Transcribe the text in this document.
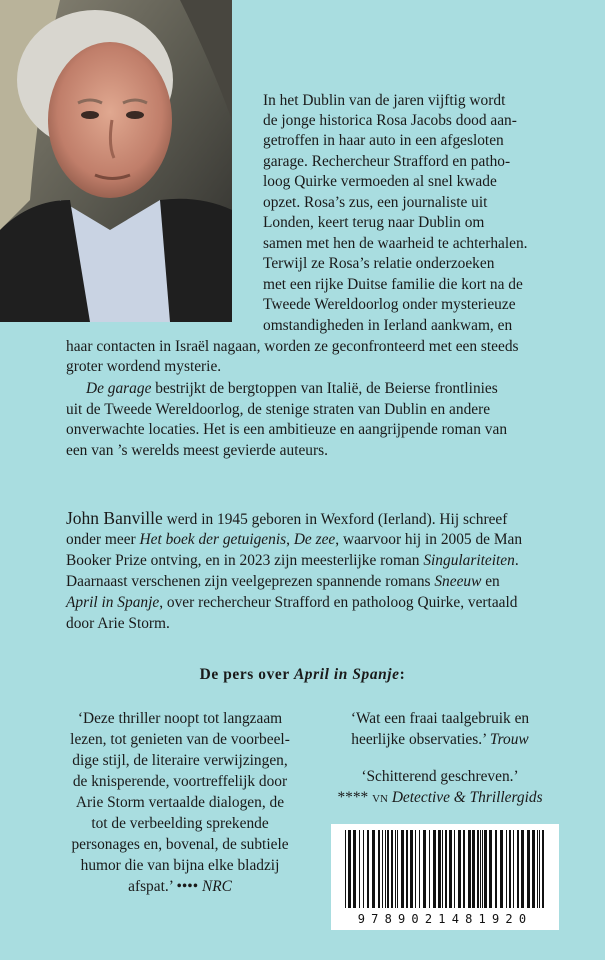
In het Dublin van de jaren vijftig wordt
de jonge historica Rosa Jacobs dood aan-
getroffen in haar auto in een afgesloten
garage. Rechercheur Strafford en patho-
loog Quirke vermoeden al snel kwade
opzet. Rosa’s zus, een journaliste uit
Londen, keert terug naar Dublin om
samen met hen de waarheid te achterhalen.
Terwijl ze Rosa’s relatie onderzoeken
met een rijke Duitse familie die kort na de
Tweede Wereldoorlog onder mysterieuze
omstandigheden in Ierland aankwam, en
haar contacten in Israël nagaan, worden ze geconfronteerd met een steeds
groter wordend mysterie.
De garage bestrijkt de bergtoppen van Italië, de Beierse frontlinies
uit de Tweede Wereldoorlog, de stenige straten van Dublin en andere
onverwachte locaties. Het is een ambitieuze en aangrijpende roman van
een van ’s werelds meest gevierde auteurs.
John Banville werd in 1945 geboren in Wexford (Ierland). Hij schreef
onder meer Het boek der getuigenis, De zee, waarvoor hij in 2005 de Man
Booker Prize ontving, en in 2023 zijn meesterlijke roman Singulariteiten.
Daarnaast verschenen zijn veelgeprezen spannende romans Sneeuw en
April in Spanje, over rechercheur Strafford en patholoog Quirke, vertaald
door Arie Storm.
De pers over April in Spanje:
‘Deze thriller noopt tot langzaam
lezen, tot genieten van de voorbeel-
dige stijl, de literaire verwijzingen,
de knisperende, voortreffelijk door
Arie Storm vertaalde dialogen, de
tot de verbeelding sprekende
personages en, bovenal, de subtiele
humor die van bijna elke bladzij
afspat.’ •••• NRC
‘Wat een fraai taalgebruik en
heerlijke observaties.’ Trouw
‘Schitterend geschreven.’
**** VN Detective & Thrillergids
9789021481920
